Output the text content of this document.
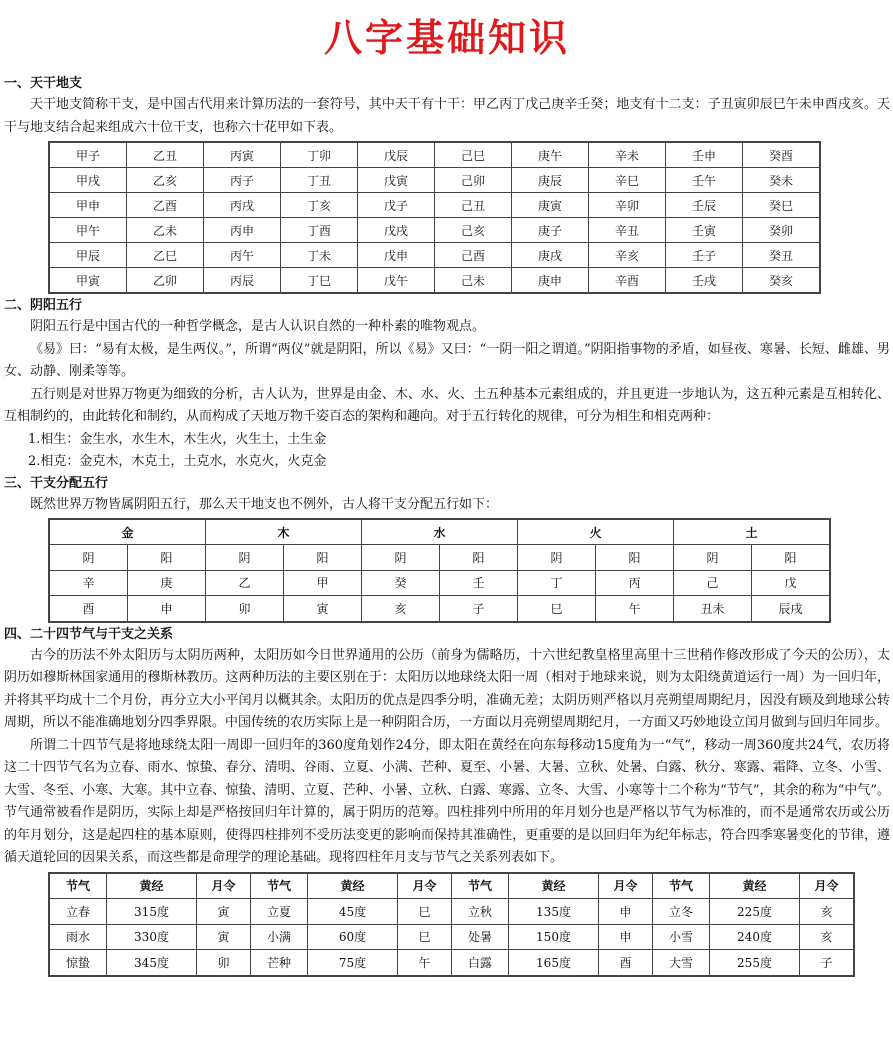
八字基础知识
一、天干地支

天干地支简称干支，是中国古代用来计算历法的一套符号，其中天干有十干：甲乙丙丁戊己庚辛壬癸；地支有十二支：子丑寅卯辰巳午未申酉戌亥。天干与地支结合起来组成六十位干支，也称六十花甲如下表。

甲子	乙丑	丙寅	丁卯	戊辰	己巳	庚午	辛未	壬申	癸酉
甲戌	乙亥	丙子	丁丑	戊寅	己卯	庚辰	辛巳	壬午	癸未
甲申	乙酉	丙戌	丁亥	戊子	己丑	庚寅	辛卯	壬辰	癸巳
甲午	乙未	丙申	丁酉	戊戌	己亥	庚子	辛丑	壬寅	癸卯
甲辰	乙巳	丙午	丁未	戊申	己酉	庚戌	辛亥	壬子	癸丑
甲寅	乙卯	丙辰	丁巳	戊午	己未	庚申	辛酉	壬戌	癸亥
二、阴阳五行

阴阳五行是中国古代的一种哲学概念，是古人认识自然的一种朴素的唯物观点。

《易》曰：“易有太极，是生两仪。”，所谓“两仪”就是阴阳，所以《易》又曰：“一阴一阳之谓道。”阴阳指事物的矛盾，如昼夜、寒暑、长短、雌雄、男女、动静、刚柔等等。

五行则是对世界万物更为细致的分析，古人认为，世界是由金、木、水、火、土五种基本元素组成的，并且更进一步地认为，这五种元素是互相转化、互相制约的，由此转化和制约，从而构成了天地万物千姿百态的架构和趣向。对于五行转化的规律，可分为相生和相克两种：

1.相生：金生水，水生木，木生火，火生土，土生金

2.相克：金克木，木克土，土克水，水克火，火克金

三、干支分配五行

既然世界万物皆属阴阳五行，那么天干地支也不例外，古人将干支分配五行如下：

金		木		水		火		土	
阴	阳	阴	阳	阴	阳	阴	阳	阴	阳
辛	庚	乙	甲	癸	壬	丁	丙	己	戊
酉	申	卯	寅	亥	子	巳	午	丑未	辰戌
四、二十四节气与干支之关系

古今的历法不外太阳历与太阴历两种，太阳历如今日世界通用的公历（前身为儒略历，十六世纪教皇格里高里十三世稍作修改形成了今天的公历），太阴历如穆斯林国家通用的穆斯林教历。这两种历法的主要区别在于：太阳历以地球绕太阳一周（相对于地球来说，则为太阳绕黄道运行一周）为一回归年，并将其平均成十二个月份，再分立大小平闰月以概其余。太阳历的优点是四季分明，准确无差；太阴历则严格以月亮朔望周期纪月，因没有顾及到地球公转周期，所以不能准确地划分四季界限。中国传统的农历实际上是一种阴阳合历，一方面以月亮朔望周期纪月，一方面又巧妙地设立闰月做到与回归年同步。

所谓二十四节气是将地球绕太阳一周即一回归年的360度角划作24分，即太阳在黄经在向东每移动15度角为一“气”，移动一周360度共24气，农历将这二十四节气名为立春、雨水、惊蛰、春分、清明、谷雨、立夏、小满、芒种、夏至、小暑、大暑、立秋、处暑、白露、秋分、寒露、霜降、立冬、小雪、大雪、冬至、小寒、大寒。其中立春、惊蛰、清明、立夏、芒种、小暑、立秋、白露、寒露、立冬、大雪、小寒等十二个称为“节气”，其余的称为“中气”。节气通常被看作是阴历，实际上却是严格按回归年计算的，属于阴历的范筹。四柱排列中所用的年月划分也是严格以节气为标准的，而不是通常农历或公历的年月划分，这是起四柱的基本原则，使得四柱排列不受历法变更的影响而保持其准确性，更重要的是以回归年为纪年标志，符合四季寒暑变化的节律，遵循天道轮回的因果关系，而这些都是命理学的理论基础。现将四柱年月支与节气之关系列表如下。

节气	黄经	月令	节气	黄经	月令	节气	黄经	月令	节气	黄经	月令
立春	315度	寅	立夏	45度	巳	立秋	135度	申	立冬	225度	亥
雨水	330度	寅	小满	60度	巳	处暑	150度	申	小雪	240度	亥
惊蛰	345度	卯	芒种	75度	午	白露	165度	酉	大雪	255度	子
